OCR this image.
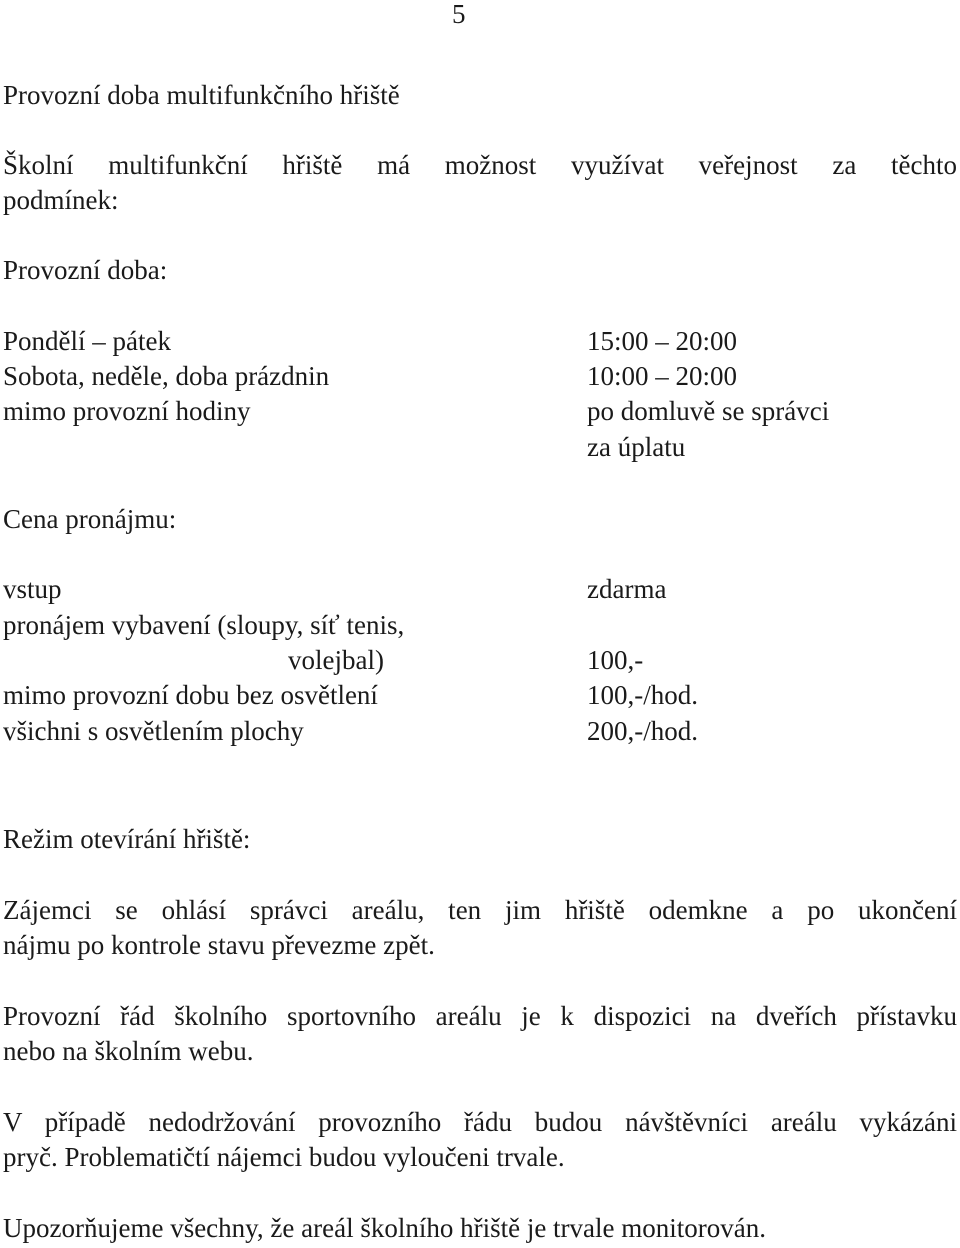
5
Provozní doba multifunkčního hřiště
Školní multifunkční hřiště má možnost využívat veřejnost za těchto
podmínek:
Provozní doba:
Pondělí – pátek	15:00 – 20:00
Sobota, neděle, doba prázdnin	10:00 – 20:00
mimo provozní hodiny	po domluvě se správci
za úplatu
Cena pronájmu:
vstup	zdarma
pronájem vybavení (sloupy, síť tenis,
volejbal)	100,-
mimo provozní dobu bez osvětlení	100,-/hod.
všichni s osvětlením plochy	200,-/hod.
Režim otevírání hřiště:
Zájemci se ohlásí správci areálu, ten jim hřiště odemkne a po ukončení
nájmu po kontrole stavu převezme zpět.
Provozní řád školního sportovního areálu je k dispozici na dveřích přístavku
nebo na školním webu.
V případě nedodržování provozního řádu budou návštěvníci areálu vykázáni
pryč. Problematičtí nájemci budou vyloučeni trvale.
Upozorňujeme všechny, že areál školního hřiště je trvale monitorován.
